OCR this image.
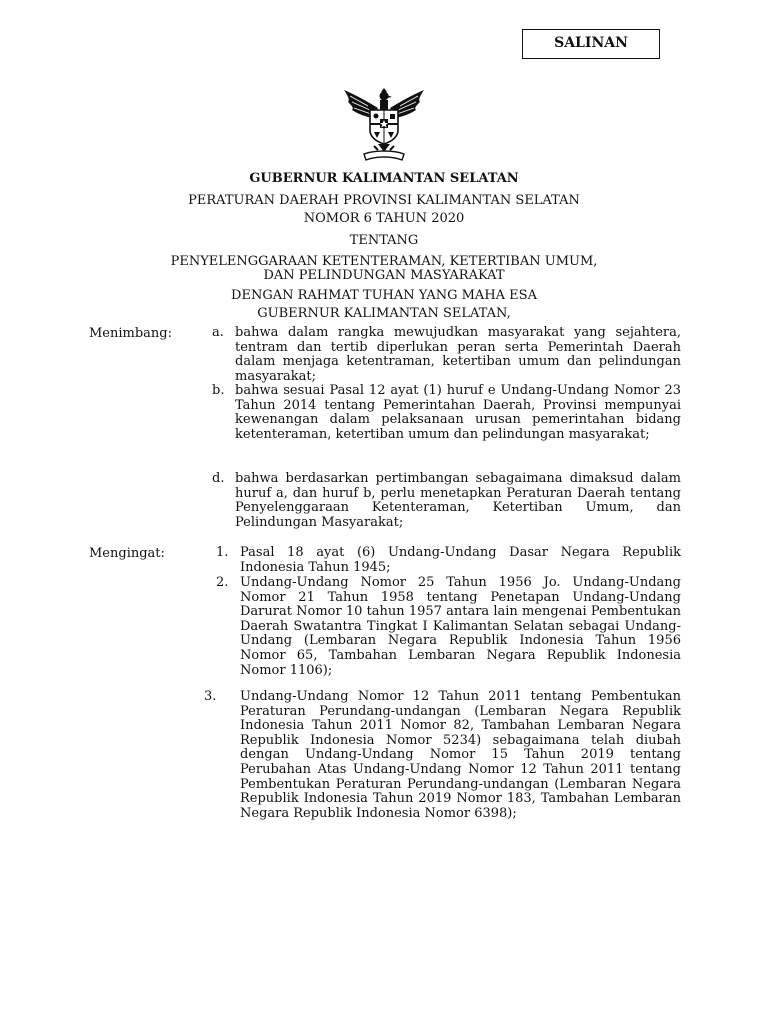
SALINAN
GUBERNUR KALIMANTAN SELATAN
PERATURAN DAERAH PROVINSI KALIMANTAN SELATAN
NOMOR 6 TAHUN 2020
TENTANG
PENYELENGGARAAN KETENTERAMAN, KETERTIBAN UMUM,
DAN PELINDUNGAN MASYARAKAT
DENGAN RAHMAT TUHAN YANG MAHA ESA
GUBERNUR KALIMANTAN SELATAN,
Menimbang:	a. bahwa dalam rangka mewujudkan masyarakat yang sejahtera, tentram dan tertib diperlukan peran serta Pemerintah Daerah dalam menjaga ketentraman, ketertiban umum dan pelindungan masyarakat;
b. bahwa sesuai Pasal 12 ayat (1) huruf e Undang-Undang Nomor 23 Tahun 2014 tentang Pemerintahan Daerah, Provinsi mempunyai kewenangan dalam pelaksanaan urusan pemerintahan bidang ketenteraman, ketertiban umum dan pelindungan masyarakat;
d. bahwa berdasarkan pertimbangan sebagaimana dimaksud dalam huruf a, dan huruf b, perlu menetapkan Peraturan Daerah tentang Penyelenggaraan Ketenteraman, Ketertiban Umum, dan Pelindungan Masyarakat;
Mengingat:	1. Pasal 18 ayat (6) Undang-Undang Dasar Negara Republik Indonesia Tahun 1945;
2. Undang-Undang Nomor 25 Tahun 1956 Jo. Undang-Undang Nomor 21 Tahun 1958 tentang Penetapan Undang-Undang Darurat Nomor 10 tahun 1957 antara lain mengenai Pembentukan Daerah Swatantra Tingkat I Kalimantan Selatan sebagai Undang-Undang (Lembaran Negara Republik Indonesia Tahun 1956 Nomor 65, Tambahan Lembaran Negara Republik Indonesia Nomor 1106);
3. Undang-Undang Nomor 12 Tahun 2011 tentang Pembentukan Peraturan Perundang-undangan (Lembaran Negara Republik Indonesia Tahun 2011 Nomor 82, Tambahan Lembaran Negara Republik Indonesia Nomor 5234) sebagaimana telah diubah dengan Undang-Undang Nomor 15 Tahun 2019 tentang Perubahan Atas Undang-Undang Nomor 12 Tahun 2011 tentang Pembentukan Peraturan Perundang-undangan (Lembaran Negara Republik Indonesia Tahun 2019 Nomor 183, Tambahan Lembaran Negara Republik Indonesia Nomor 6398);
